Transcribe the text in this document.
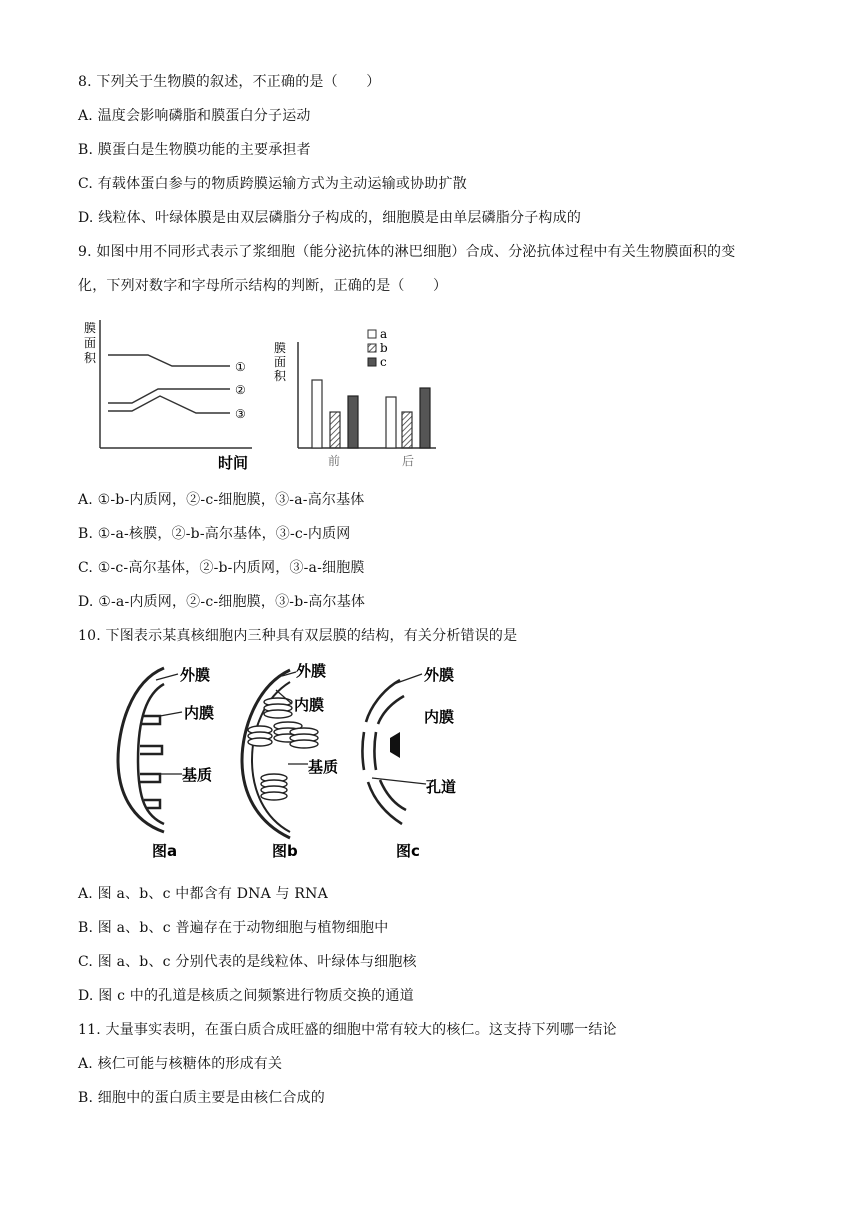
8. 下列关于生物膜的叙述，不正确的是（　　）
A. 温度会影响磷脂和膜蛋白分子运动
B. 膜蛋白是生物膜功能的主要承担者
C. 有载体蛋白参与的物质跨膜运输方式为主动运输或协助扩散
D. 线粒体、叶绿体膜是由双层磷脂分子构成的，细胞膜是由单层磷脂分子构成的
9. 如图中用不同形式表示了浆细胞（能分泌抗体的淋巴细胞）合成、分泌抗体过程中有关生物膜面积的变
化，下列对数字和字母所示结构的判断，正确的是（　　）
膜
面
积
①
②
③
时间
膜
面
积
a
b
c
前	后
A. ①-b-内质网，②-c-细胞膜，③-a-高尔基体
B. ①-a-核膜，②-b-高尔基体，③-c-内质网
C. ①-c-高尔基体，②-b-内质网，③-a-细胞膜
D. ①-a-内质网，②-c-细胞膜，③-b-高尔基体
10. 下图表示某真核细胞内三种具有双层膜的结构，有关分析错误的是
外膜
内膜
基质
图a
外膜
内膜
基质
图b
外膜
内膜
孔道
图c
A. 图 a、b、c 中都含有 DNA 与 RNA
B. 图 a、b、c 普遍存在于动物细胞与植物细胞中
C. 图 a、b、c 分别代表的是线粒体、叶绿体与细胞核
D. 图 c 中的孔道是核质之间频繁进行物质交换的通道
11. 大量事实表明，在蛋白质合成旺盛的细胞中常有较大的核仁。这支持下列哪一结论
A. 核仁可能与核糖体的形成有关
B. 细胞中的蛋白质主要是由核仁合成的
